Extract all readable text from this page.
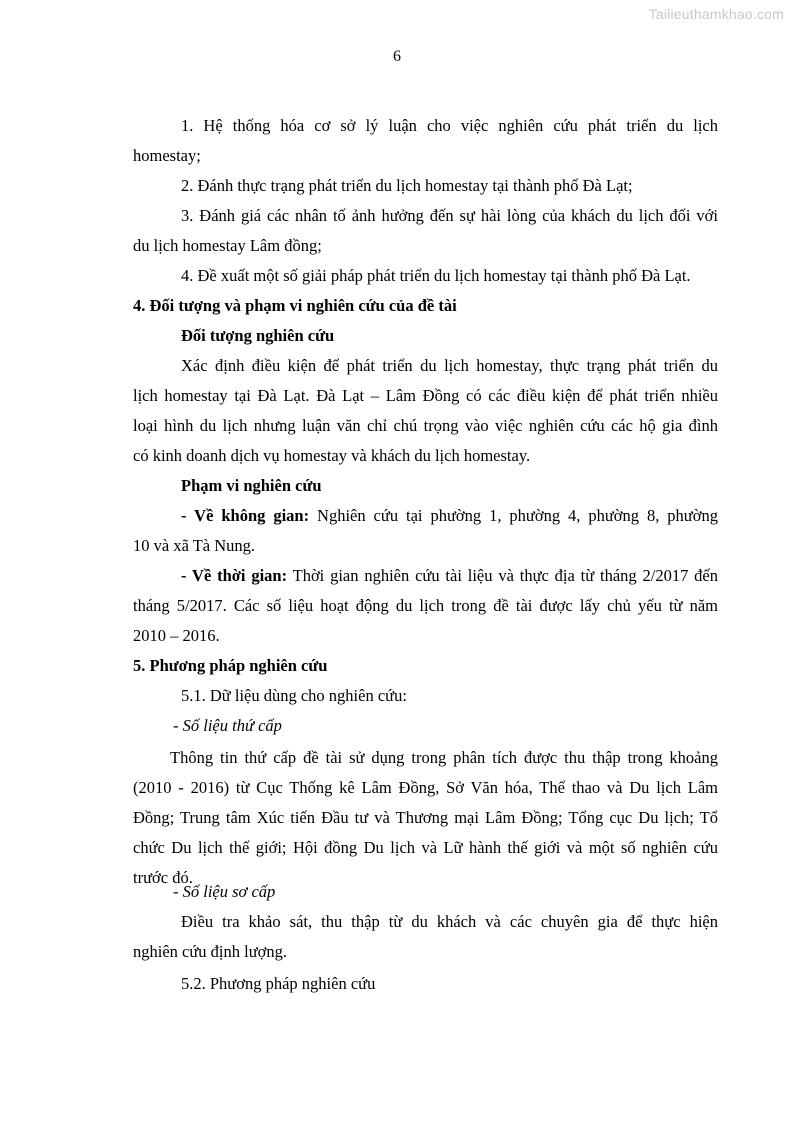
Tailieuthamkhao.com
6
1. Hệ thống hóa cơ sở lý luận cho việc nghiên cứu phát triển du lịch
homestay;
2. Đánh thực trạng phát triển du lịch homestay tại thành phố Đà Lạt;
3. Đánh giá các nhân tố ảnh hưởng đến sự hài lòng của khách du lịch đối với
du lịch homestay Lâm đồng;
4. Đề xuất một số giải pháp phát triển du lịch homestay tại thành phố Đà Lạt.
4. Đối tượng và phạm vi nghiên cứu của đề tài
Đối tượng nghiên cứu
Xác định điều kiện để phát triển du lịch homestay, thực trạng phát triển du
lịch homestay tại Đà Lạt. Đà Lạt – Lâm Đồng có các điều kiện để phát triển nhiều
loại hình du lịch nhưng luận văn chỉ chú trọng vào việc nghiên cứu các hộ gia đình
có kinh doanh dịch vụ homestay và khách du lịch homestay.
Phạm vi nghiên cứu
- Về không gian: Nghiên cứu tại phường 1, phường 4, phường 8, phường
10 và xã Tà Nung.
- Về thời gian: Thời gian nghiên cứu tài liệu và thực địa từ tháng 2/2017 đến
tháng 5/2017. Các số liệu hoạt động du lịch trong đề tài được lấy chủ yếu từ năm
2010 – 2016.
5. Phương pháp nghiên cứu
5.1. Dữ liệu dùng cho nghiên cứu:
- Số liệu thứ cấp
Thông tin thứ cấp đề tài sử dụng trong phân tích được thu thập trong khoảng
(2010 - 2016) từ Cục Thống kê Lâm Đồng, Sở Văn hóa, Thể thao và Du lịch Lâm
Đồng; Trung tâm Xúc tiến Đầu tư và Thương mại Lâm Đồng; Tổng cục Du lịch; Tổ
chức Du lịch thế giới; Hội đồng Du lịch và Lữ hành thế giới và một số nghiên cứu
trước đó.
- Số liệu sơ cấp
Điều tra khảo sát, thu thập từ du khách và các chuyên gia để thực hiện
nghiên cứu định lượng.
5.2. Phương pháp nghiên cứu
